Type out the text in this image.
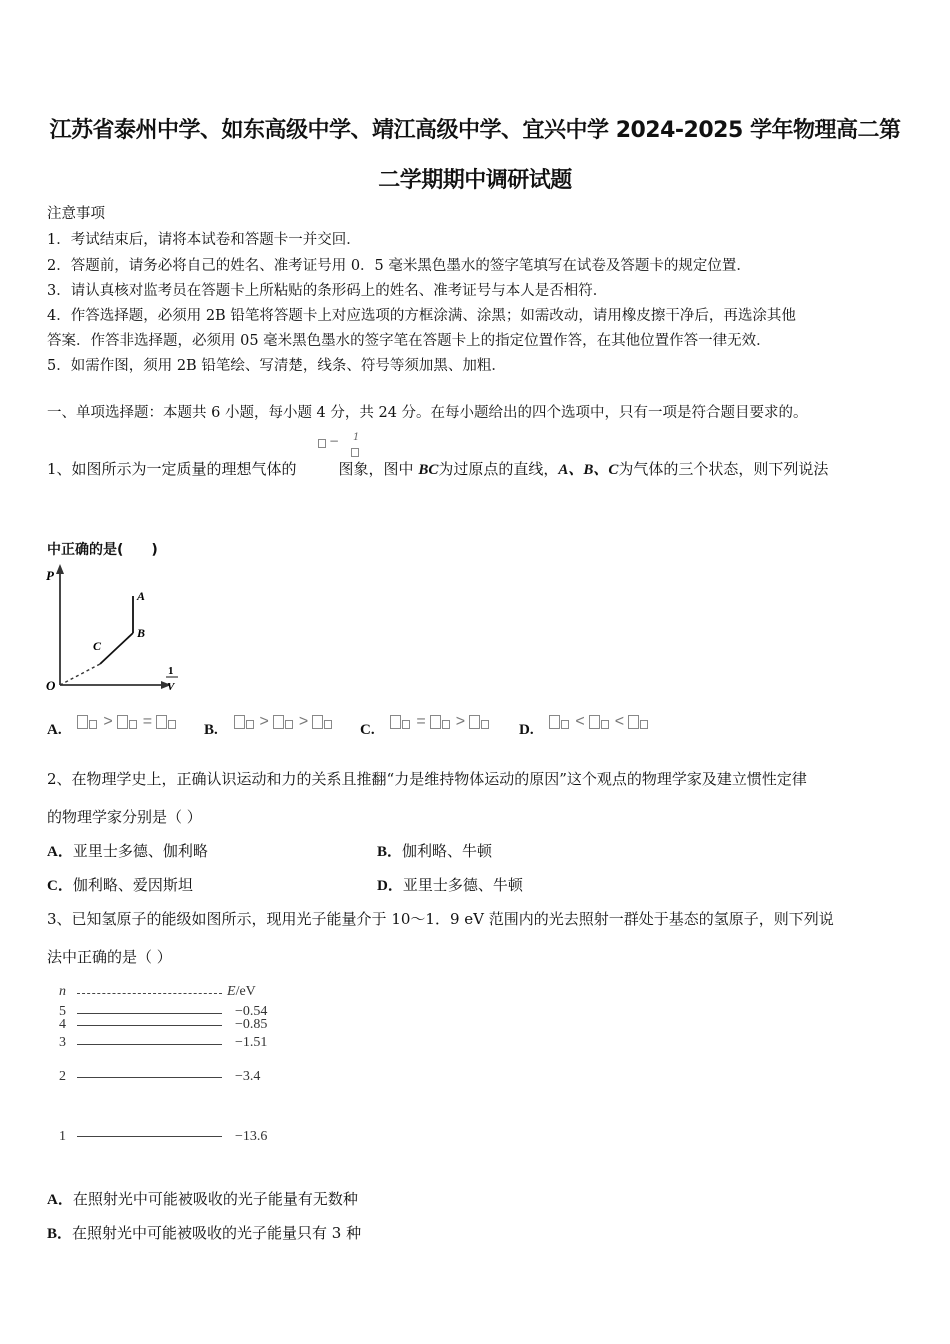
江苏省泰州中学、如东高级中学、靖江高级中学、宜兴中学 2024-2025 学年物理高二第
二学期期中调研试题
注意事项
1．考试结束后，请将本试卷和答题卡一并交回．
2．答题前，请务必将自己的姓名、准考证号用 0．5 毫米黑色墨水的签字笔填写在试卷及答题卡的规定位置．
3．请认真核对监考员在答题卡上所粘贴的条形码上的姓名、准考证号与本人是否相符．
4．作答选择题，必须用 2B 铅笔将答题卡上对应选项的方框涂满、涂黑；如需改动，请用橡皮擦干净后，再选涂其他
答案．作答非选择题，必须用 05 毫米黑色墨水的签字笔在答题卡上的指定位置作答，在其他位置作答一律无效．
5．如需作图，须用 2B 铅笔绘、写清楚，线条、符号等须加黑、加粗．
一、单项选择题：本题共 6 小题，每小题 4 分，共 24 分。在每小题给出的四个选项中，只有一项是符合题目要求的。
− 1
1、如图所示为一定质量的理想气体的	图象，图中 BC为过原点的直线，A、B、C为气体的三个状态，则下列说法
中正确的是(　　)
P
A
B
C
O
1
V
A.	> =	B.	> >	C.	= >	D.	< <
2、在物理学史上，正确认识运动和力的关系且推翻“力是维持物体运动的原因”这个观点的物理学家及建立惯性定律
的物理学家分别是（ ）
A．亚里士多德、伽利略	B．伽利略、牛顿
C．伽利略、爱因斯坦	D．亚里士多德、牛顿
3、已知氢原子的能级如图所示，现用光子能量介于 10～1．9 eV 范围内的光去照射一群处于基态的氢原子，则下列说
法中正确的是（ ）
n	E/eV
5	−0.54
4	−0.85
3	−1.51
2	−3.4
1	−13.6
A．在照射光中可能被吸收的光子能量有无数种
B．在照射光中可能被吸收的光子能量只有 3 种
